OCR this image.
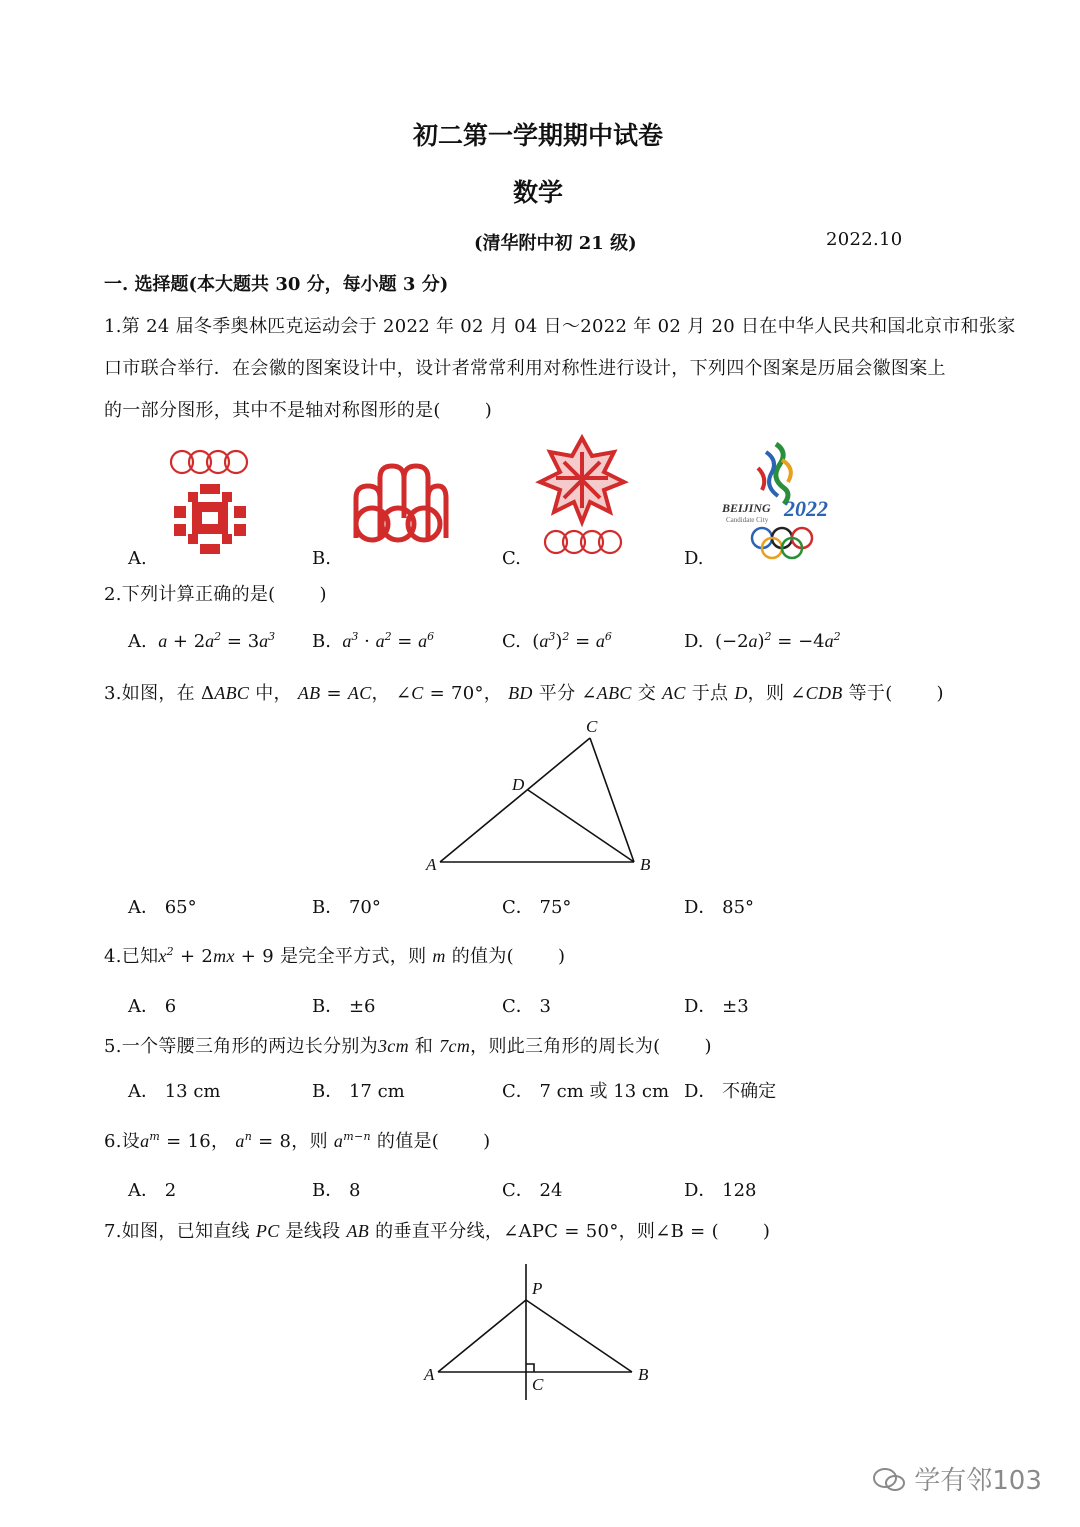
初二第一学期期中试卷
数学
(清华附中初 21 级)	2022.10
一. 选择题(本大题共 30 分，每小题 3 分)
1.第 24 届冬季奥林匹克运动会于 2022 年 02 月 04 日～2022 年 02 月 20 日在中华人民共和国北京市和张家
口市联合举行．在会徽的图案设计中，设计者常常利用对称性进行设计，下列四个图案是历届会徽图案上
的一部分图形，其中不是轴对称图形的是( )
BEIJING 2022
Candidate City
A.	B.	C.	D.
2.下列计算正确的是( )
A. $a + 2a^2 = 3a^3$ B. $a^3 \cdot a^2 = a^6$	C.  $(a^3)^2 = a^6$	D.  $(-2a)^2 = -4a^2$
3.如图，在 ΔABC 中， AB = AC， ∠C = 70°， BD 平分 ∠ABC 交 AC 于点 D，则 ∠CDB 等于( )
A	B
C
D
A． 65°	B． 70°	C． 75°	D． 85°
4.已知$x^2 + 2mx + 9$ 是完全平方式，则 m 的值为( )
A． 6	B． ±6	C． 3	D． ±3
5.一个等腰三角形的两边长分别为3cm 和 7cm，则此三角形的周长为( )
A． 13 cm	B． 17 cm	C． 7 cm 或 13 cm D． 不确定
6.设$a^m = 16$， $a^n = 8$，则 $a^{m-n}$ 的值是( )
A． 2	B． 8	C． 24	D． 128
7.如图，已知直线 PC 是线段 AB 的垂直平分线，∠APC = 50°，则∠B = ( )
A	B
C
P
学有邻103
